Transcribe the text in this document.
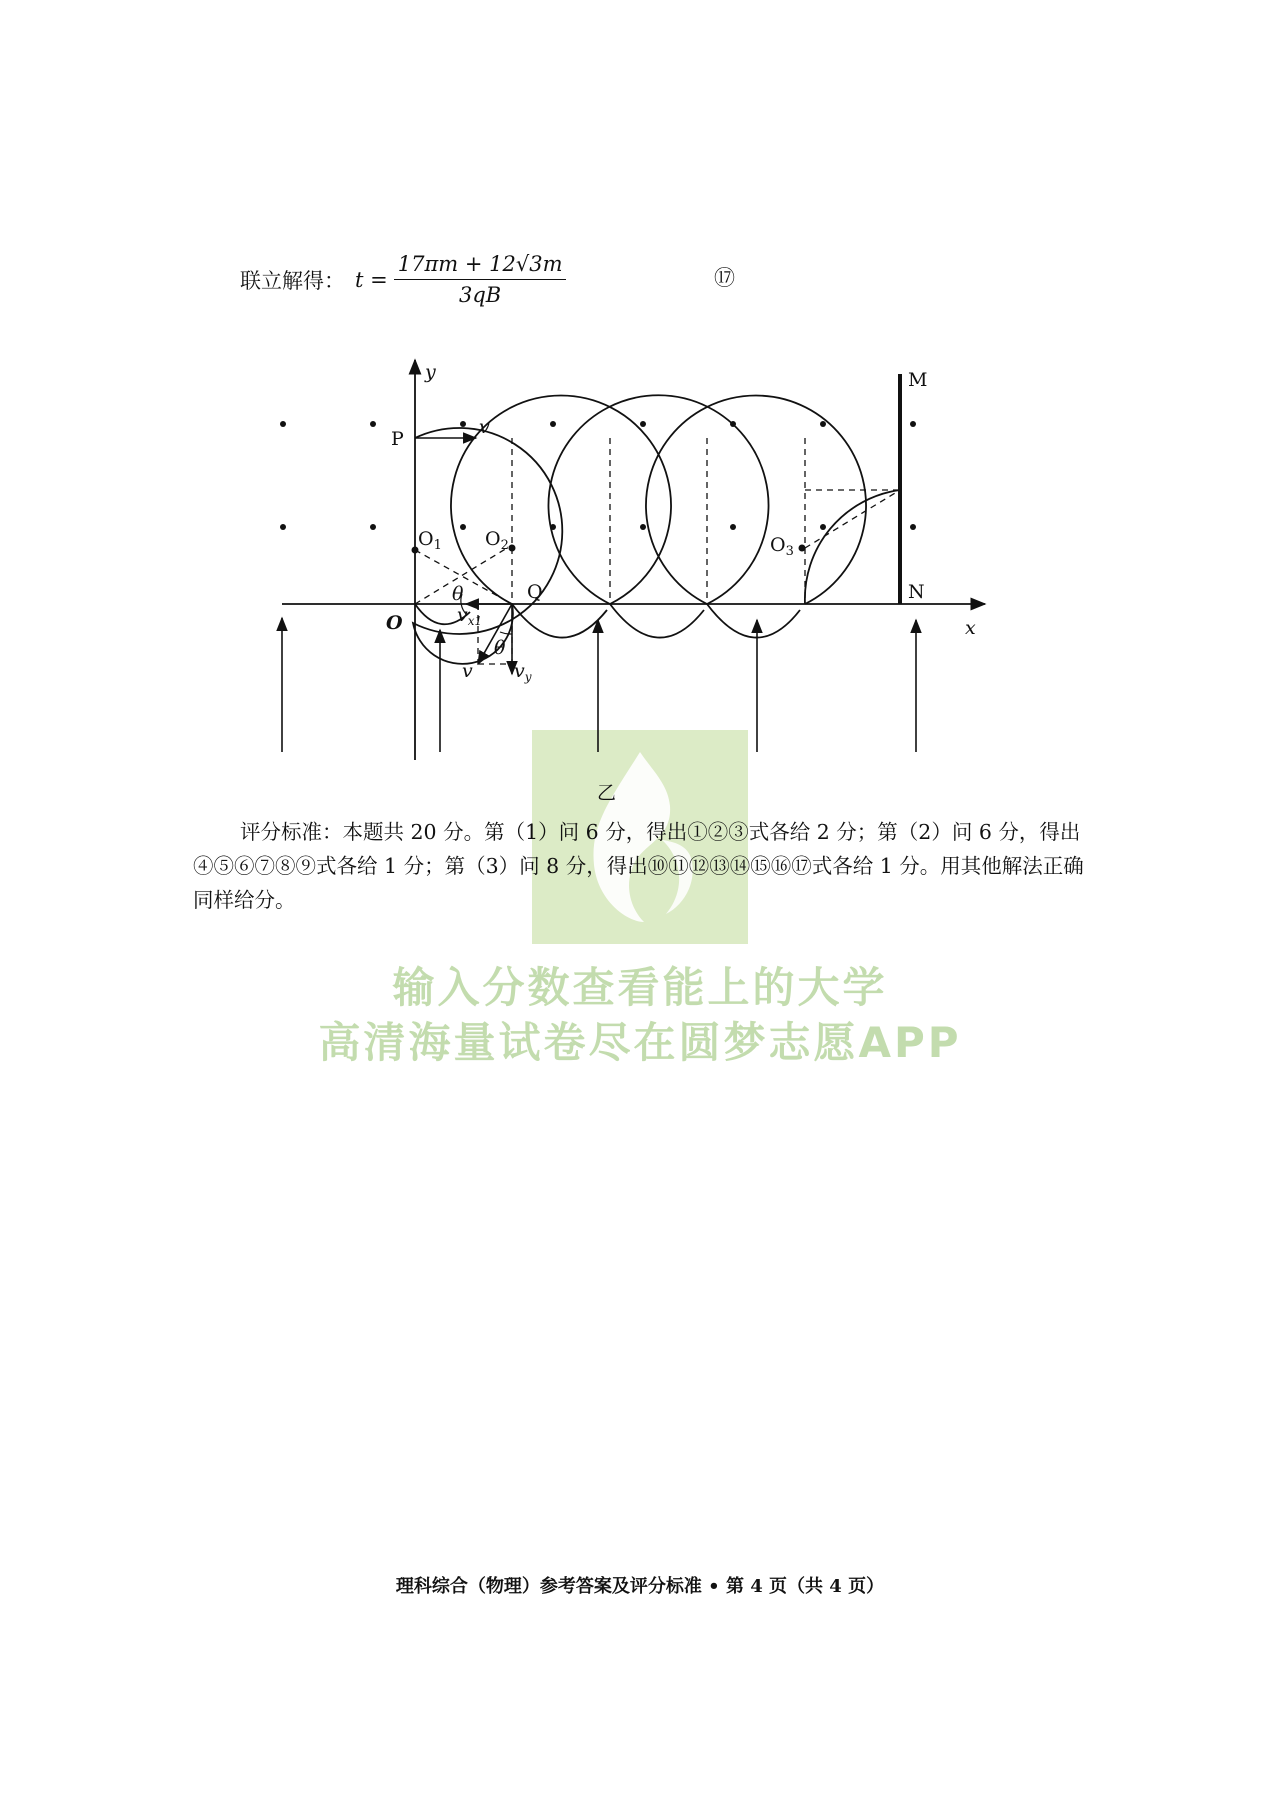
联立解得： $t = \frac{17\pi m + 12√3m}{3qB}$	⑰
y
x
O
P
Q
M
N
v
$O_1$ $O_2$	$O_3$
θ
θ
$v_{x1}$
v $v_y$
乙
评分标准：本题共 20 分。第（1）问 6 分，得出①②③式各给 2 分；第（2）问 6 分，得出④⑤⑥⑦⑧⑨式各给 1 分；第（3）问 8 分，得出⑩⑪⑫⑬⑭⑮⑯⑰式各给 1 分。用其他解法正确同样给分。
输入分数查看能上的大学
高清海量试卷尽在圆梦志愿APP
理科综合（物理）参考答案及评分标准 • 第 4 页（共 4 页）
